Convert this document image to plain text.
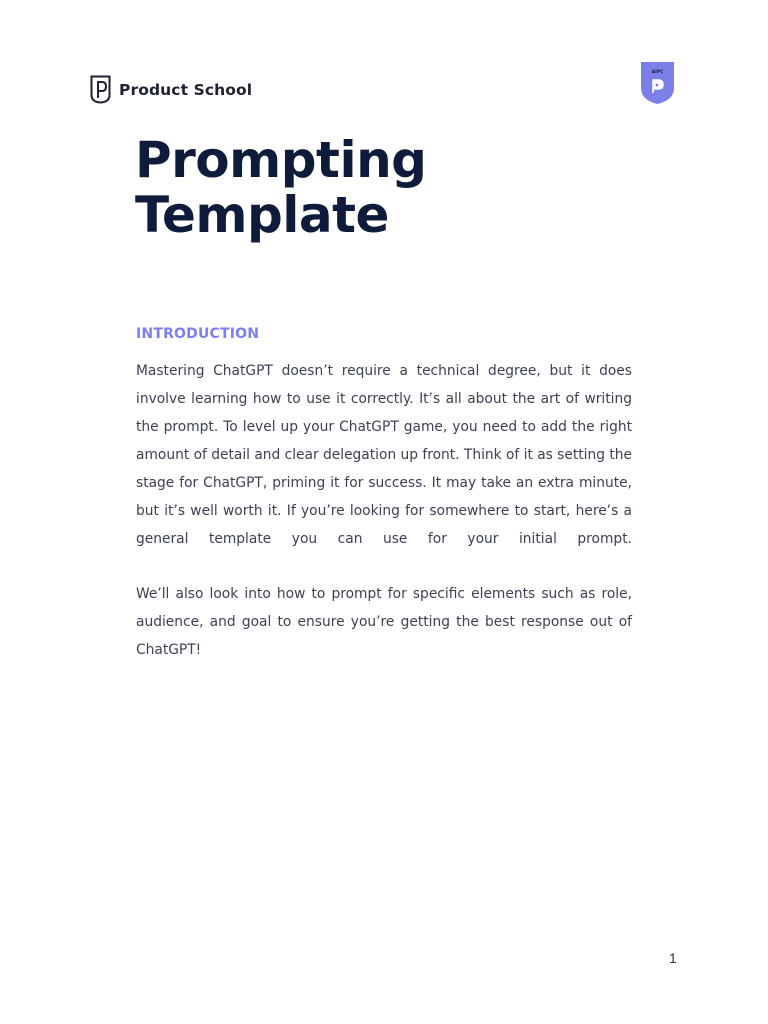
Product School
AIPC
Prompting
Template
INTRODUCTION

Mastering ChatGPT doesn’t require a technical degree, but it does involve learning how to use it correctly. It’s all about the art of writing the prompt. To level up your ChatGPT game, you need to add the right amount of detail and clear delegation up front. Think of it as setting the stage for ChatGPT, priming it for success. It may take an extra minute, but it’s well worth it. If you’re looking for somewhere to start, here’s a general template you can use for your initial prompt.

We’ll also look into how to prompt for specific elements such as role, audience, and goal to ensure you’re getting the best response out of ChatGPT!

1
